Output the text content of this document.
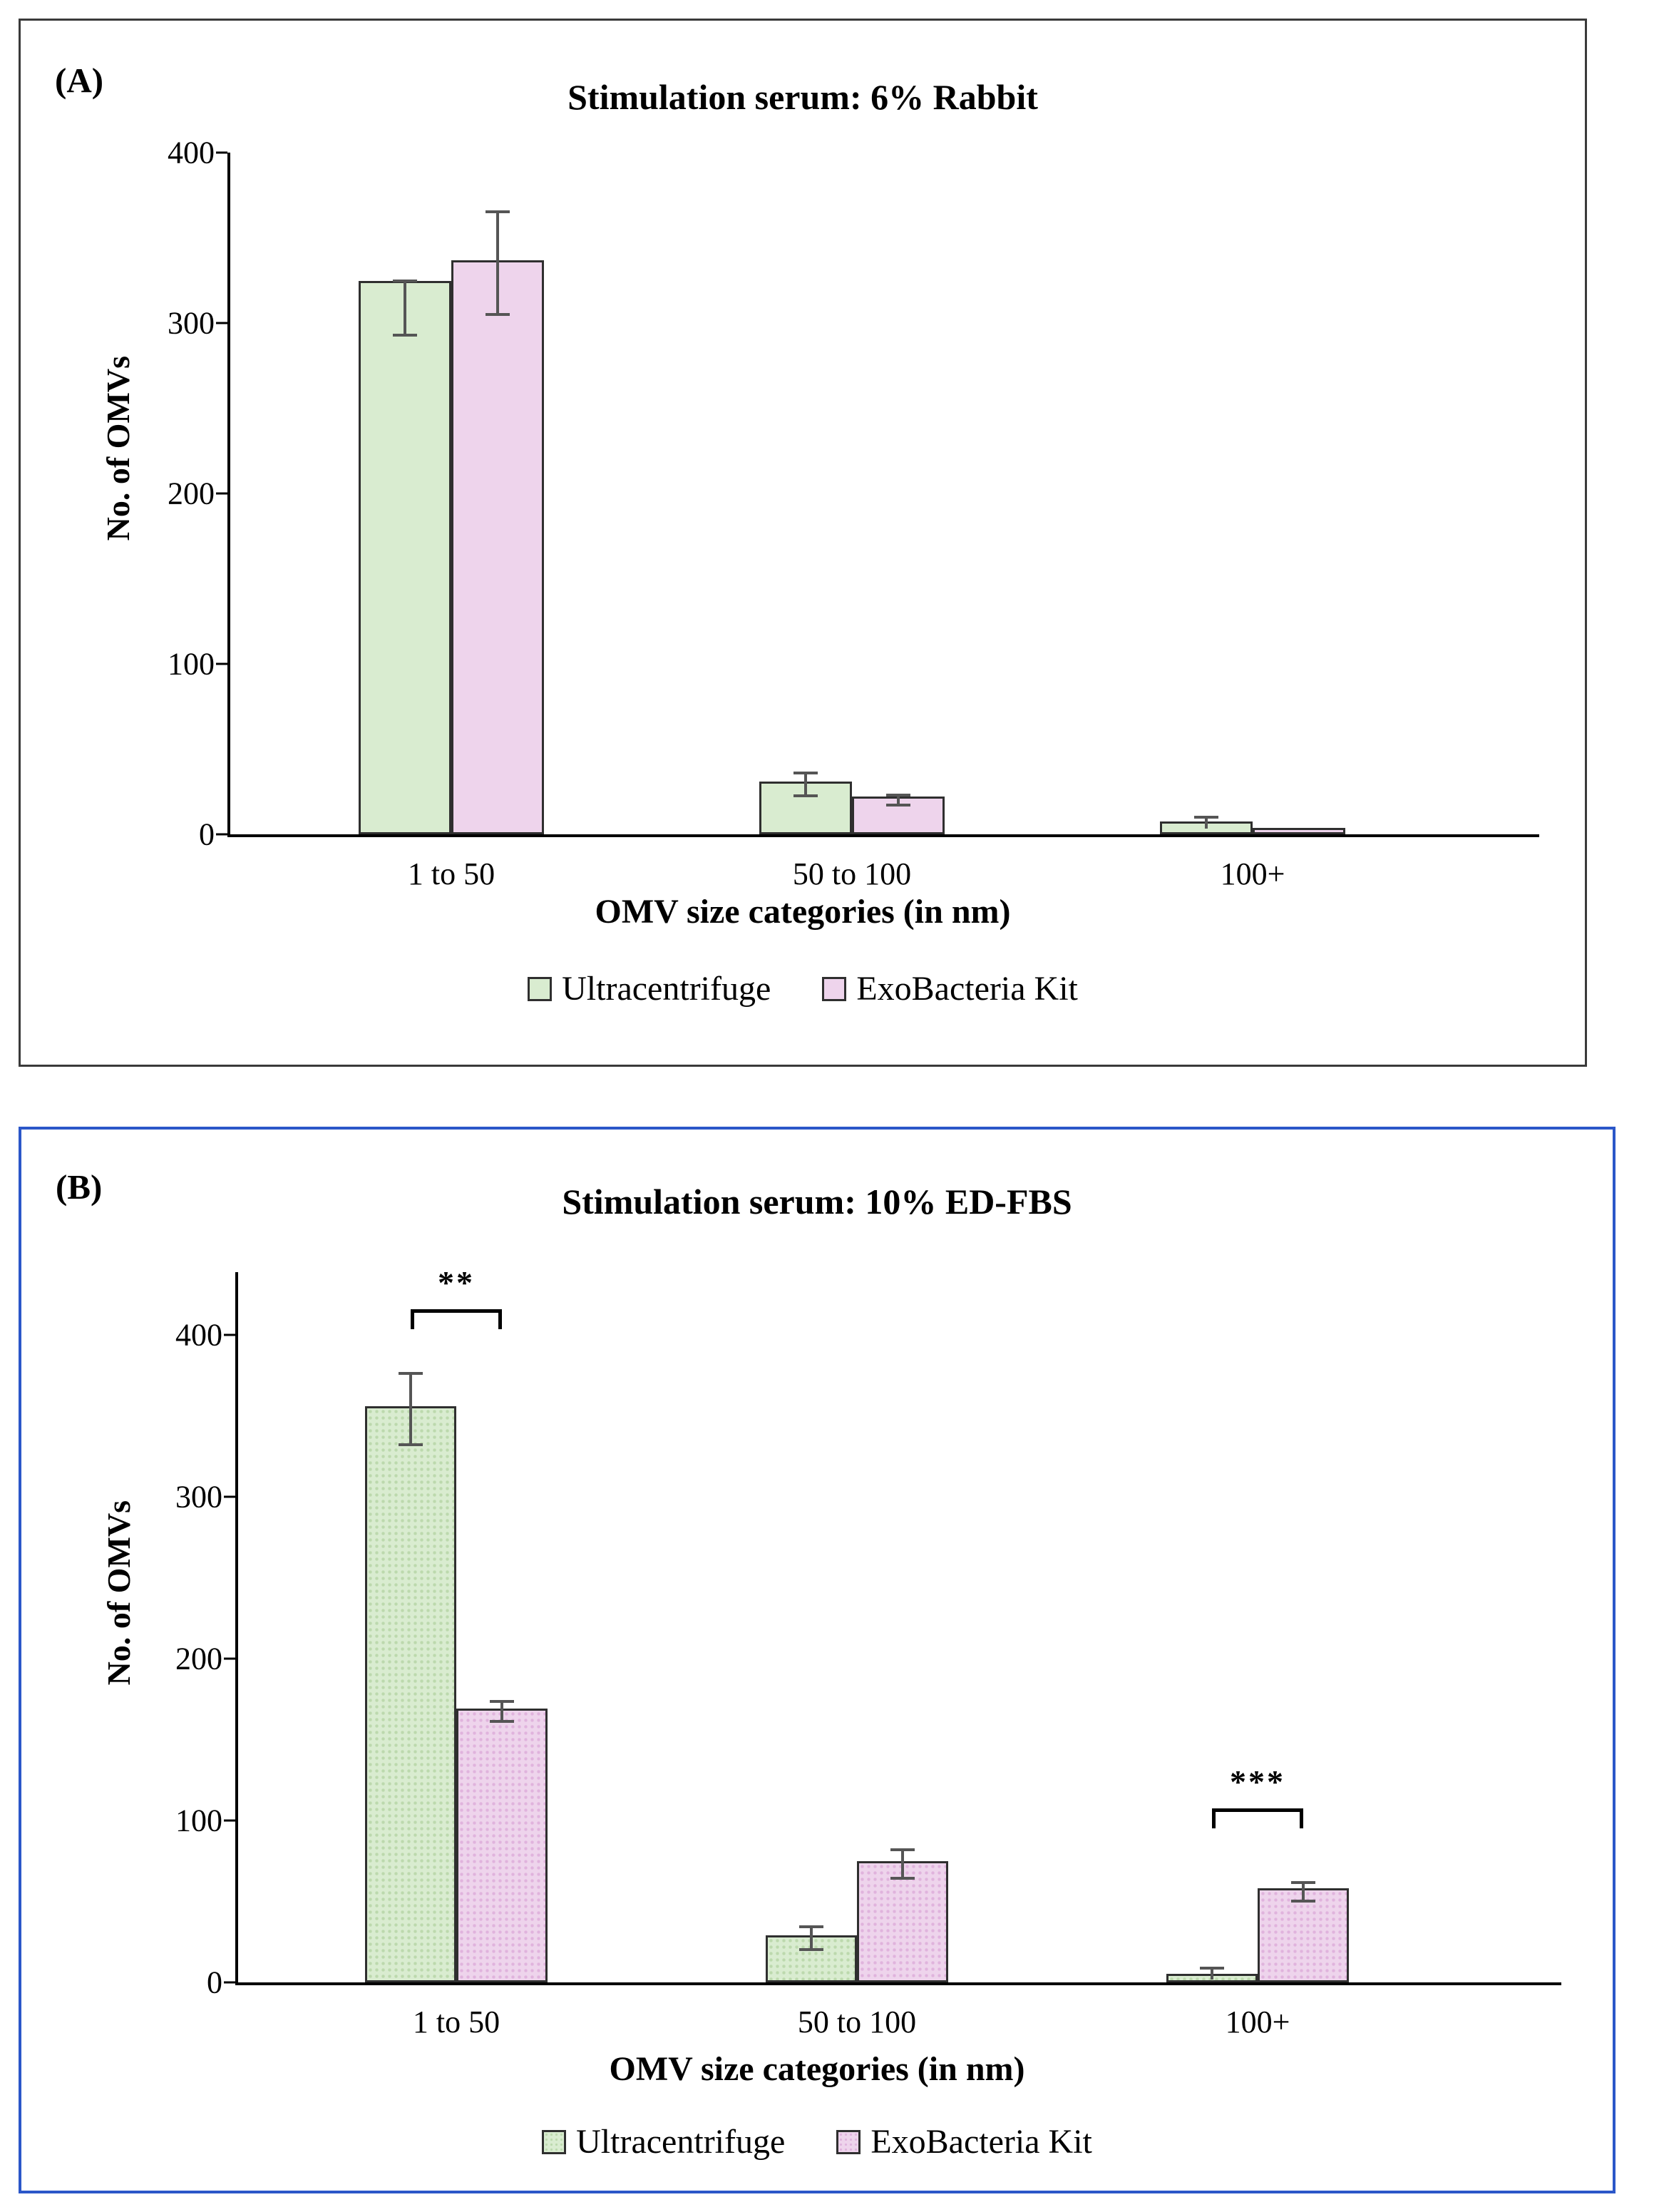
(A)	Stimulation serum: 6% Rabbit
0
100
200
300
400
1 to 50	50 to 100	100+
No. of OMVs
OMV size categories (in nm)
Ultracentrifuge	ExoBacteria Kit
(B)	Stimulation serum: 10% ED-FBS
0
100
200
300
400
**
***
1 to 50	50 to 100	100+
No. of OMVs
OMV size categories (in nm)
Ultracentrifuge	ExoBacteria Kit
